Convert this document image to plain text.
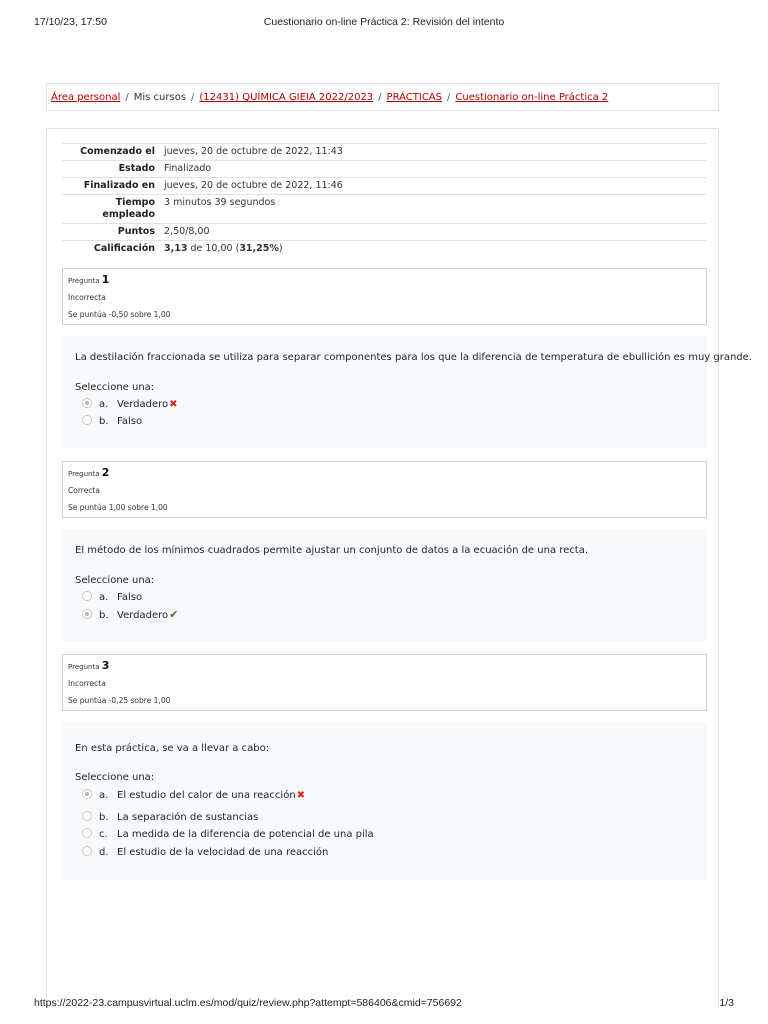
17/10/23, 17:50	Cuestionario on-line Práctica 2: Revisión del intento
Área personal / Mis cursos / (12431) QUÍMICA GIEIA 2022/2023 / PRÁCTICAS / Cuestionario on-line Práctica 2
Comenzado el	jueves, 20 de octubre de 2022, 11:43
Estado	Finalizado
Finalizado en	jueves, 20 de octubre de 2022, 11:46
Tiempo
empleado	3 minutos 39 segundos
Puntos	2,50/8,00
Calificación	3,13 de 10,00 (31,25%)
Pregunta 1
Incorrecta
Se puntúa -0,50 sobre 1,00
La destilación fraccionada se utiliza para separar componentes para los que la diferencia de temperatura de ebullición es muy grande.
Seleccione una:
a. Verdadero✖
b. Falso
Pregunta 2
Correcta
Se puntúa 1,00 sobre 1,00
El método de los mínimos cuadrados permite ajustar un conjunto de datos a la ecuación de una recta.
Seleccione una:
a. Falso
b. Verdadero✔
Pregunta 3
Incorrecta
Se puntúa -0,25 sobre 1,00
En esta práctica, se va a llevar a cabo:
Seleccione una:
a. El estudio del calor de una reacción✖
b. La separación de sustancias
c. La medida de la diferencia de potencial de una pila
d. El estudio de la velocidad de una reacción
https://2022-23.campusvirtual.uclm.es/mod/quiz/review.php?attempt=586406&cmid=756692	1/3
